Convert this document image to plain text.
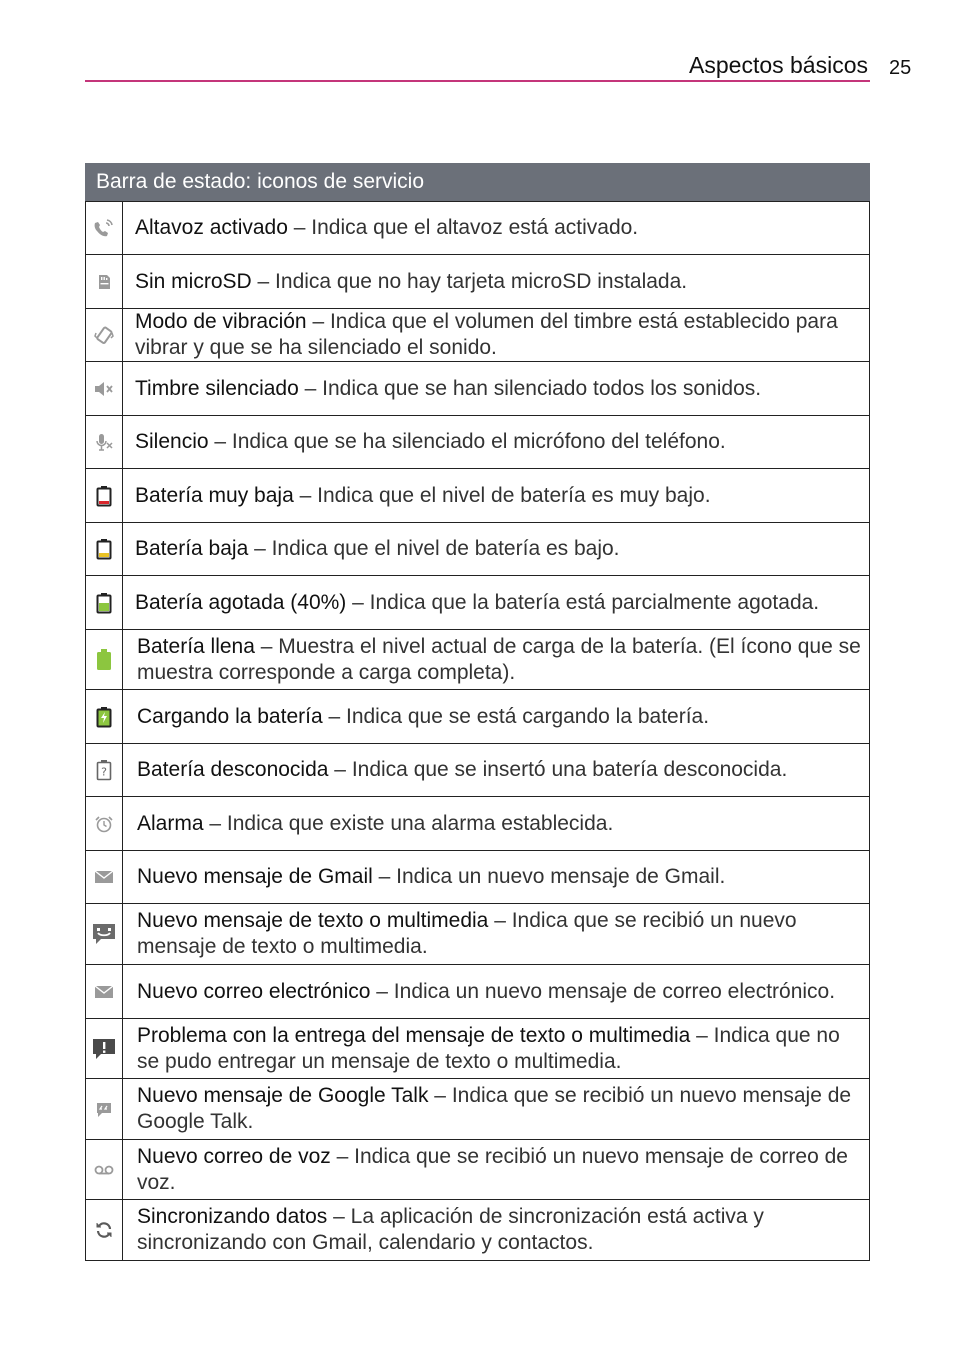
Aspectos básicos 25
Barra de estado: iconos de servicio
Altavoz activado – Indica que el altavoz está activado.
Sin microSD – Indica que no hay tarjeta microSD instalada.
Modo de vibración – Indica que el volumen del timbre está establecido para vibrar y que se ha silenciado el sonido.
Timbre silenciado – Indica que se han silenciado todos los sonidos.
Silencio – Indica que se ha silenciado el micrófono del teléfono.
Batería muy baja – Indica que el nivel de batería es muy bajo.
Batería baja – Indica que el nivel de batería es bajo.
Batería agotada (40%) – Indica que la batería está parcialmente agotada.
Batería llena – Muestra el nivel actual de carga de la batería. (El ícono que se muestra corresponde a carga completa).
Cargando la batería – Indica que se está cargando la batería.
? Batería desconocida – Indica que se insertó una batería desconocida.
Alarma – Indica que existe una alarma establecida.
Nuevo mensaje de Gmail – Indica un nuevo mensaje de Gmail.
Nuevo mensaje de texto o multimedia – Indica que se recibió un nuevo mensaje de texto o multimedia.
Nuevo correo electrónico – Indica un nuevo mensaje de correo electrónico.
Problema con la entrega del mensaje de texto o multimedia – Indica que no se pudo entregar un mensaje de texto o multimedia.
Nuevo mensaje de Google Talk – Indica que se recibió un nuevo mensaje de Google Talk.
Nuevo correo de voz – Indica que se recibió un nuevo mensaje de correo de voz.
Sincronizando datos – La aplicación de sincronización está activa y sincronizando con Gmail, calendario y contactos.
